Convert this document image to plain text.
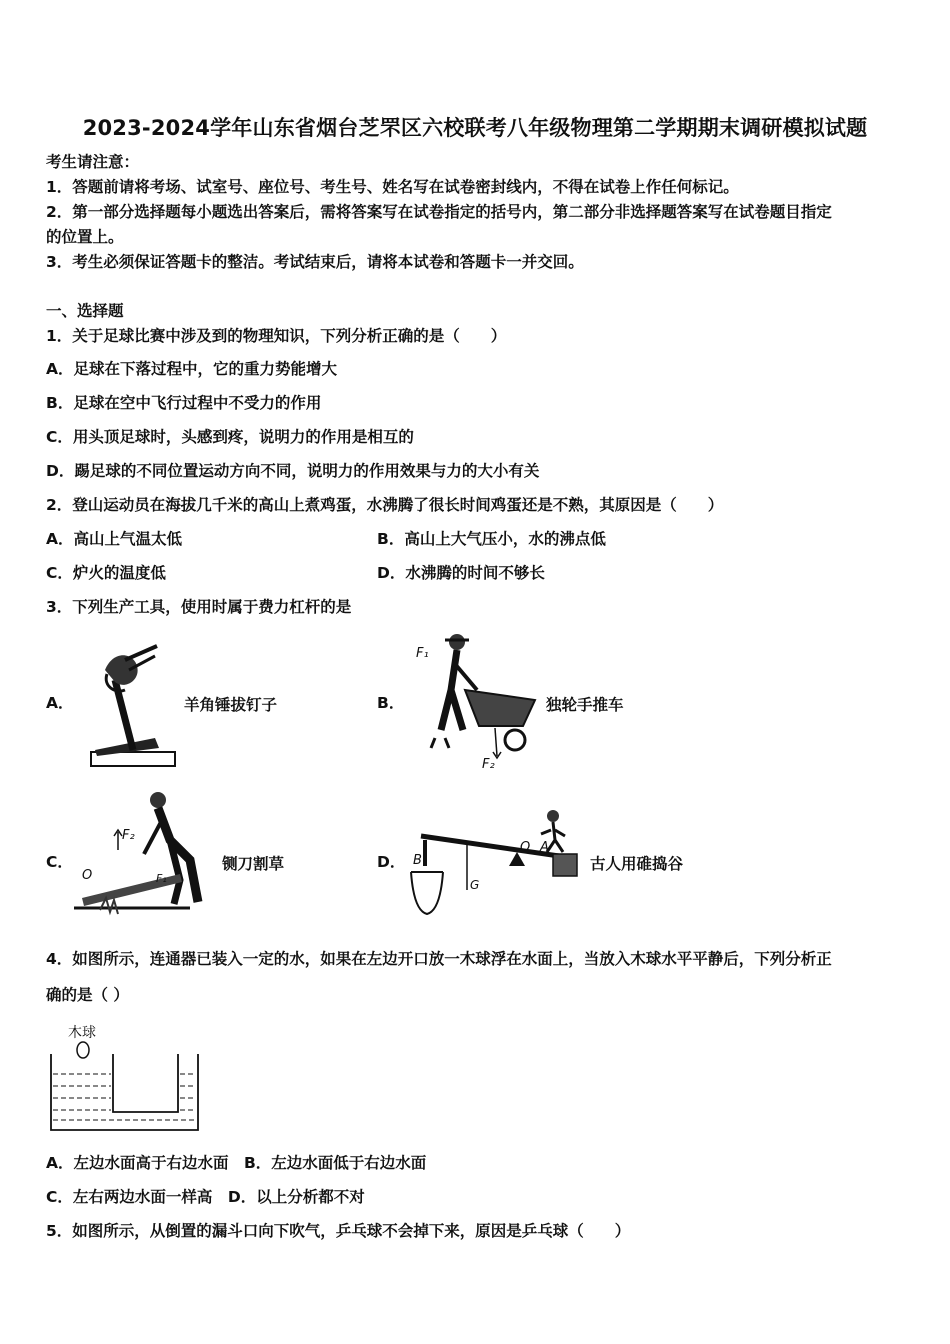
2023-2024学年山东省烟台芝罘区六校联考八年级物理第二学期期末调研模拟试题
考生请注意：
1．答题前请将考场、试室号、座位号、考生号、姓名写在试卷密封线内，不得在试卷上作任何标记。
2．第一部分选择题每小题选出答案后，需将答案写在试卷指定的括号内，第二部分非选择题答案写在试卷题目指定
的位置上。
3．考生必须保证答题卡的整洁。考试结束后，请将本试卷和答题卡一并交回。
一、选择题
1．关于足球比赛中涉及到的物理知识，下列分析正确的是（　　）
A．足球在下落过程中，它的重力势能增大
B．足球在空中飞行过程中不受力的作用
C．用头顶足球时，头感到疼，说明力的作用是相互的
D．踢足球的不同位置运动方向不同，说明力的作用效果与力的大小有关
2．登山运动员在海拔几千米的高山上煮鸡蛋，水沸腾了很长时间鸡蛋还是不熟，其原因是（　　）
A．高山上气温太低	B．高山上大气压小，水的沸点低
C．炉火的温度低	D．水沸腾的时间不够长
3．下列生产工具，使用时属于费力杠杆的是
A．	羊角锤拔钉子	B．
F₁
F₂
独轮手推车
C．
F₂
O	F₁
铡刀割草	D．
O A
B
G
古人用碓捣谷
4．如图所示，连通器已装入一定的水，如果在左边开口放一木球浮在水面上，当放入木球水平平静后，下列分析正
确的是（ ）
木球
A．左边水面高于右边水面　B．左边水面低于右边水面
C．左右两边水面一样高　D．以上分析都不对
5．如图所示，从倒置的漏斗口向下吹气，乒乓球不会掉下来，原因是乒乓球（　　）
